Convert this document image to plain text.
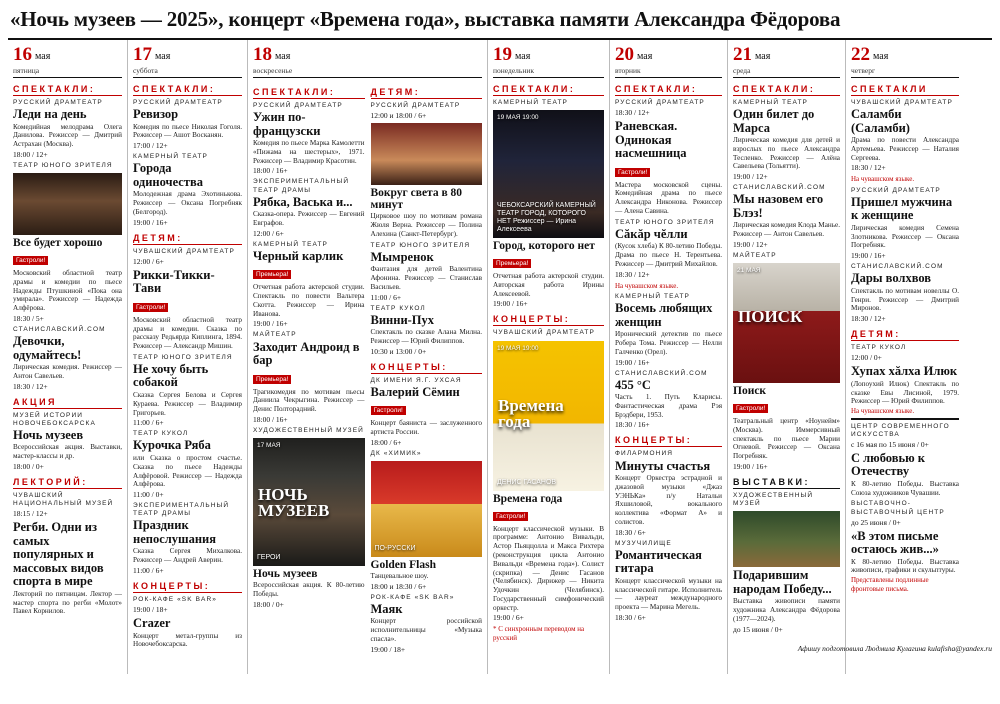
«Ночь музеев — 2025», концерт «Времена года», выставка памяти Александра Фёдорова
16 мая
пятница
СПЕКТАКЛИ:
РУССКИЙ ДРАМТЕАТР
Леди на день
Комедийная мелодрама Олега Данилова. Режиссер — Дмитрий Астрахан (Москва).
18:00 / 12+
ТЕАТР ЮНОГО ЗРИТЕЛЯ
Все будет хорошо
Гастроли!
Московский областной театр драмы и комедии по пьесе Надежды Птушкиной «Пока она умирала». Режиссер — Надежда Алфёрова.
18:30 / 5+
СТАНИСЛАВСКИЙ.COM
Девочки, одумайтесь!
Лирическая комедия. Режиссер — Антон Савельев.
18:30 / 12+
АКЦИЯ
МУЗЕЙ ИСТОРИИ НОВОЧЕБОКСАРСКА
Ночь музеев
Всероссийская акция. Выставки, мастер-классы и др.
18:00 / 0+
ЛЕКТОРИЙ:
ЧУВАШСКИЙ НАЦИОНАЛЬНЫЙ МУЗЕЙ
18:15 / 12+
Регби. Одни из самых популярных и массовых видов спорта в мире
Лекторий по пятницам. Лектор — мастер спорта по регби «Молот» Павел Корнилов.
17 мая
суббота
СПЕКТАКЛИ:
РУССКИЙ ДРАМТЕАТР
Ревизор
Комедия по пьесе Николая Гоголя. Режиссер — Ашот Восканян.
17:00 / 12+
КАМЕРНЫЙ ТЕАТР
Города одиночества
Молодежная драма Эхотинькова. Режиссер — Оксана Погребняк (Белгород).
19:00 / 16+
ДЕТЯМ:
ЧУВАШСКИЙ ДРАМТЕАТР
12:00 / 6+
Рикки-Тикки-Тави
Гастроли!
Московский областной театр драмы и комедии. Сказка по рассказу Редьярда Киплинга, 1894. Режиссер — Александр Мишин.
ТЕАТР ЮНОГО ЗРИТЕЛЯ
Не хочу быть собакой
Сказка Сергея Белова и Сергея Кураева. Режиссер — Владимир Григорьев.
11:00 / 6+
ТЕАТР КУКОЛ
Курочка Ряба
или Сказка о простом счастье. Сказка по пьесе Надежды Алфёровой. Режиссер — Надежда Алфёрова.
11:00 / 0+
ЭКСПЕРИМЕНТАЛЬНЫЙ ТЕАТР ДРАМЫ
Праздник непослушания
Сказка Сергея Михалкова. Режиссер — Андрей Аверин.
11:00 / 6+
КОНЦЕРТЫ:
РОК-КАФЕ «SK BAR»
19:00 / 18+
Crazer
Концерт метал-группы из Новочебоксарска.
18 мая
воскресенье
СПЕКТАКЛИ:
РУССКИЙ ДРАМТЕАТР
Ужин по-французски
Комедия по пьесе Марка Камолетти «Пижама на шестерых», 1971. Режиссер — Владимир Красотин.
18:00 / 16+
ЭКСПЕРИМЕНТАЛЬНЫЙ ТЕАТР ДРАМЫ
Рябка, Васька и...
Сказка-опера. Режиссер — Евгений Евграфов.
12:00 / 6+
КАМЕРНЫЙ ТЕАТР
Черный карлик
Премьера!
Отчетная работа актерской студии. Спектакль по повести Вальтера Скотта. Режиссер — Ирина Иванова.
19:00 / 16+
МАЙТЕАТР
Заходит Андроид в бар
Премьера!
Трагикомедия по мотивам пьесы Даниила Чекрыгина. Режиссер — Денис Полторадний.
18:00 / 16+
ХУДОЖЕСТВЕННЫЙ МУЗЕЙ
17 МАЯ
НОЧЬ МУЗЕЕВ
ГЕРОИ
Ночь музеев
Всероссийская акция. К 80-летию Победы.
18:00 / 0+
ДЕТЯМ:
РУССКИЙ ДРАМТЕАТР
12:00 и 18:00 / 6+
Вокруг света в 80 минут
Цирковое шоу по мотивам романа Жюля Верна. Режиссер — Полина Алехина (Санкт-Петербург).
ТЕАТР ЮНОГО ЗРИТЕЛЯ
Мымренок
Фантазия для детей Валентина Афонина. Режиссер — Станислав Васильев.
11:00 / 6+
ТЕАТР КУКОЛ
Винни-Пух
Спектакль по сказке Алана Милна. Режиссер — Юрий Филиппов.
10:30 и 13:00 / 0+
КОНЦЕРТЫ:
ДК ИМЕНИ Я.Г. УХСАЯ
Валерий Сёмин
Гастроли!
Концерт баяниста — заслуженного артиста России.
18:00 / 6+
ДК «ХИМИК»
ПО-РУССКИ
Golden Flash
Танцевальное шоу.
18:00 и 18:30 / 6+
РОК-КАФЕ «SK BAR»
Маяк
Концерт российской исполнительницы «Музыка спасла».
19:00 / 18+
19 мая
понедельник
СПЕКТАКЛИ:
КАМЕРНЫЙ ТЕАТР
19 МАЯ 19:00
ЧЕБОКСАРСКИЙ КАМЕРНЫЙ ТЕАТР ГОРОД, КОТОРОГО НЕТ Режиссер — Ирина Алексеева
Город, которого нет
Премьера!
Отчетная работа актерской студии. Авторская работа Ирины Алексеевой.
19:00 / 16+
КОНЦЕРТЫ:
ЧУВАШСКИЙ ДРАМТЕАТР
19 МАЯ 19:00
Времена года
ДЕНИС ГАСАНОВ
Времена года
Гастроли!
Концерт классической музыки. В программе: Антонио Вивальди, Астор Пьяццолла и Макса Рихтера (реконструкция цикла Антонио Вивальди «Времена года»). Солист (скрипка) — Денис Гасанов (Челябинск). Дирижер — Никита Удочкин (Челябинск). Государственный симфонический оркестр.
19:00 / 6+
* С синхронным переводом на русский
20 мая
вторник
СПЕКТАКЛИ:
РУССКИЙ ДРАМТЕАТР
18:30 / 12+
Раневская. Одинокая насмешница
Гастроли!
Мастера московской сцены. Комедийная драма по пьесе Александра Никонова. Режиссер — Алена Савина.
ТЕАТР ЮНОГО ЗРИТЕЛЯ
Сăкăр чĕлли
(Кусок хлеба) К 80-летию Победы. Драма по пьесе Н. Терентьева. Режиссер — Дмитрий Михайлов.
18:30 / 12+
На чувашском языке.
КАМЕРНЫЙ ТЕАТР
Восемь любящих женщин
Иронический детектив по пьесе Робера Тома. Режиссер — Нелли Галченко (Орел).
19:00 / 16+
СТАНИСЛАВСКИЙ.COM
455 °С
Часть 1. Путь Кларисы. Фантастическая драма Рэя Брэдбери, 1953.
18:30 / 16+
КОНЦЕРТЫ:
ФИЛАРМОНИЯ
Минуты счастья
Концерт Оркестра эстрадной и джазовой музыки «Джаз УЭНЬКа» п/у Натальи Яхшиловой, вокального коллектива «Формат А» и солистов.
18:30 / 6+
МУЗУЧИЛИЩЕ
Романтическая гитара
Концерт классической музыки на классической гитаре. Исполнитель — лауреат международного проекта — Марина Мегель.
18:30 / 6+
21 мая
среда
СПЕКТАКЛИ:
КАМЕРНЫЙ ТЕАТР
Один билет до Марса
Лирическая комедия для детей и взрослых по пьесе Александра Тесленко. Режиссер — Алёна Савельева (Тольятти).
19:00 / 12+
СТАНИСЛАВСКИЙ.COM
Мы назовем его Блэз!
Лирическая комедия Клода Манье. Режиссер — Антон Савельев.
19:00 / 12+
МАЙТЕАТР
21 МАЯ
ПОИСК
Поиск
Гастроли!
Театральный центр «Ноунейм» (Москва). Иммерсивный спектакль по пьесе Марии Огневой. Режиссер — Оксана Погребняк.
19:00 / 16+
ВЫСТАВКИ:
ХУДОЖЕСТВЕННЫЙ МУЗЕЙ
Подарившим народам Победу...
Выставка живописи памяти художника Александра Фёдорова (1977—2024).
до 15 июня / 0+
22 мая
четверг
СПЕКТАКЛИ
ЧУВАШСКИЙ ДРАМТЕАТР
Саламби (Саламби)
Драма по повести Александра Артемьева. Режиссер — Наталия Сергеева.
18:30 / 12+
На чувашском языке.
РУССКИЙ ДРАМТЕАТР
Пришел мужчина к женщине
Лирическая комедия Семена Злотникова. Режиссер — Оксана Погребняк.
19:00 / 16+
СТАНИСЛАВСКИЙ.COM
Дары волхвов
Спектакль по мотивам новеллы О. Генри. Режиссер — Дмитрий Миронов.
18:30 / 12+
ДЕТЯМ:
ТЕАТР КУКОЛ
12:00 / 0+
Хупах хăлха Илюк
(Лопоухий Илюк) Спектакль по сказке Евы Лисиной, 1979. Режиссер — Юрий Филиппов.
На чувашском языке.
ЦЕНТР СОВРЕМЕННОГО ИСКУССТВА
с 16 мая по 15 июня / 0+
С любовью к Отечеству
К 80-летию Победы. Выставка Союза художников Чувашии.
ВЫСТАВОЧНО-ВЫСТАВОЧНЫЙ ЦЕНТР
до 25 июня / 0+
«В этом письме остаюсь жив...»
К 80-летию Победы. Выставка живописи, графики и скульптуры.
Представлены подлинные фронтовые письма.
Афишу подготовила Людмила Кулагина kulafisha@yandex.ru
